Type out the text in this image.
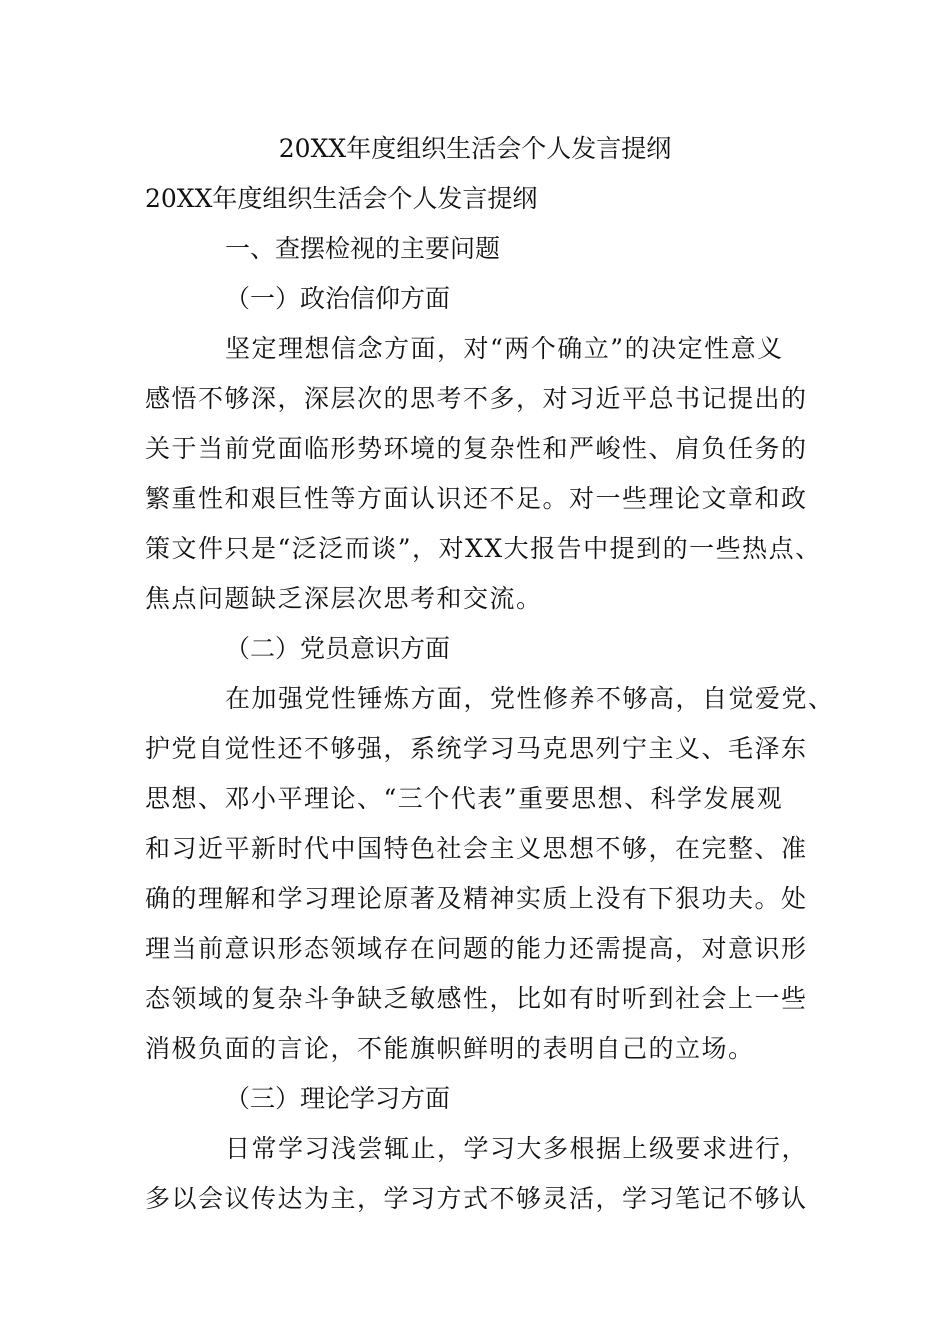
20XX年度组织生活会个人发言提纲
20XX年度组织生活会个人发言提纲
一、查摆检视的主要问题
（一）政治信仰方面
坚定理想信念方面，对“两个确立”的决定性意义
感悟不够深，深层次的思考不多，对习近平总书记提出的
关于当前党面临形势环境的复杂性和严峻性、肩负任务的
繁重性和艰巨性等方面认识还不足。对一些理论文章和政
策文件只是“泛泛而谈”，对XX大报告中提到的一些热点、
焦点问题缺乏深层次思考和交流。
（二）党员意识方面
在加强党性锤炼方面，党性修养不够高，自觉爱党、
护党自觉性还不够强，系统学习马克思列宁主义、毛泽东
思想、邓小平理论、“三个代表”重要思想、科学发展观
和习近平新时代中国特色社会主义思想不够，在完整、准
确的理解和学习理论原著及精神实质上没有下狠功夫。处
理当前意识形态领域存在问题的能力还需提高，对意识形
态领域的复杂斗争缺乏敏感性，比如有时听到社会上一些
消极负面的言论，不能旗帜鲜明的表明自己的立场。
（三）理论学习方面
日常学习浅尝辄止，学习大多根据上级要求进行，
多以会议传达为主，学习方式不够灵活，学习笔记不够认
